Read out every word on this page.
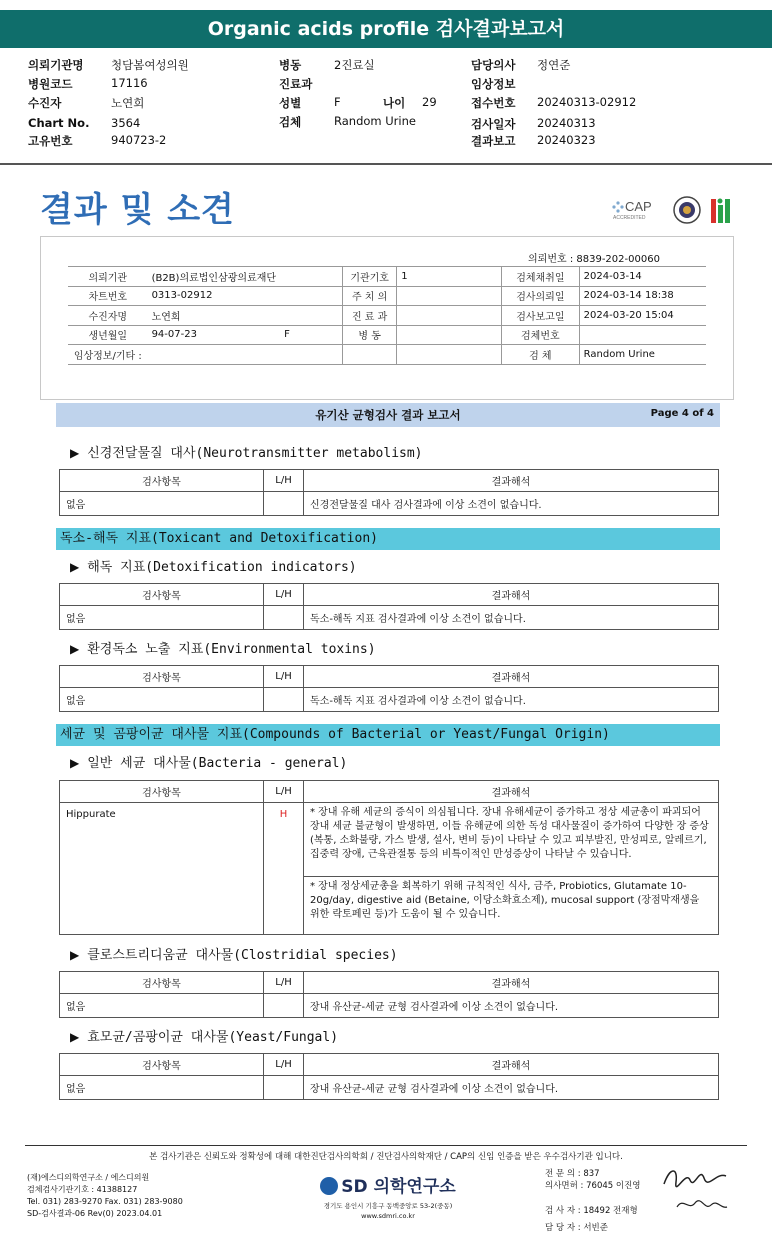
Organic acids profile 검사결과보고서
의뢰기관명 청담봄여성의원
병원코드	17116
수진자	노연희
Chart No. 3564
고유번호	940723-2
병동	2진료실
진료과
성별	F	나이 29
검체	Random Urine
담당의사 정연준
임상정보
접수번호 20240313-02912
검사일자 20240313
결과보고 20240323
결과 및 소견	CAP
ACCREDITED
의뢰번호 : 8839-202-00060
의뢰기관	(B2B)의료법인삼광의료재단		기관기호	1	검체채취일	2024-03-14
차트번호	0313-02912		주 치 의		검사의뢰일	2024-03-14 18:38
수진자명	노연희		진 료 과		검사보고일	2024-03-20 15:04
생년월일	94-07-23	F	병 동		검체번호	
임상정보/기타 :					검 체	Random Urine
유기산 균형검사 결과 보고서	Page 4 of 4
▶ 신경전달물질 대사(Neurotransmitter metabolism)
검사항목	L/H	결과해석
없음		신경전달물질 대사 검사결과에 이상 소견이 없습니다.
독소-해독 지표(Toxicant and Detoxification)
▶ 해독 지표(Detoxification indicators)
검사항목	L/H	결과해석
없음		독소-해독 지표 검사결과에 이상 소견이 없습니다.
▶ 환경독소 노출 지표(Environmental toxins)
검사항목	L/H	결과해석
없음		독소-해독 지표 검사결과에 이상 소견이 없습니다.
세균 및 곰팡이균 대사물 지표(Compounds of Bacterial or Yeast/Fungal Origin)
▶ 일반 세균 대사물(Bacteria - general)
검사항목	L/H	결과해석
Hippurate	H	* 장내 유해 세균의 증식이 의심됩니다. 장내 유해세균이 증가하고 정상 세균총이 파괴되어 장내 세균 불균형이 발생하면, 이들 유해균에 의한 독성 대사물질이 증가하여 다양한 장 증상(복통, 소화불량, 가스 발생, 설사, 변비 등)이 나타날 수 있고 피부발진, 만성피로, 알레르기, 집중력 장애, 근육관절통 등의 비특이적인 만성증상이 나타날 수 있습니다.
		* 장내 정상세균총을 회복하기 위해 규칙적인 식사, 금주, Probiotics, Glutamate 10-20g/day, digestive aid (Betaine, 이당소화효소제), mucosal support (장점막재생을 위한 락토페린 등)가 도움이 될 수 있습니다.
▶ 클로스트리디움균 대사물(Clostridial species)
검사항목	L/H	결과해석
없음		장내 유산균-세균 균형 검사결과에 이상 소견이 없습니다.
▶ 효모균/곰팡이균 대사물(Yeast/Fungal)
검사항목	L/H	결과해석
없음		장내 유산균-세균 균형 검사결과에 이상 소견이 없습니다.
본 검사기관은 신뢰도와 정확성에 대해 대한진단검사의학회 / 진단검사의학재단 / CAP의 신임 인증을 받은 우수검사기관 입니다.
(재)에스디의학연구소 / 에스디의원
검체검사기관기호 : 41388127
Tel. 031) 283-9270 Fax. 031) 283-9080
SD-검사결과-06 Rev(0) 2023.04.01
SD 의학연구소
경기도 용인시 기흥구 동백중앙로 53-2(중동)
www.sdmri.co.kr
전 문 의 : 837
의사면허 : 76045 이진영
검 사 자 : 18492 전재형
담 당 자 : 서빈준
